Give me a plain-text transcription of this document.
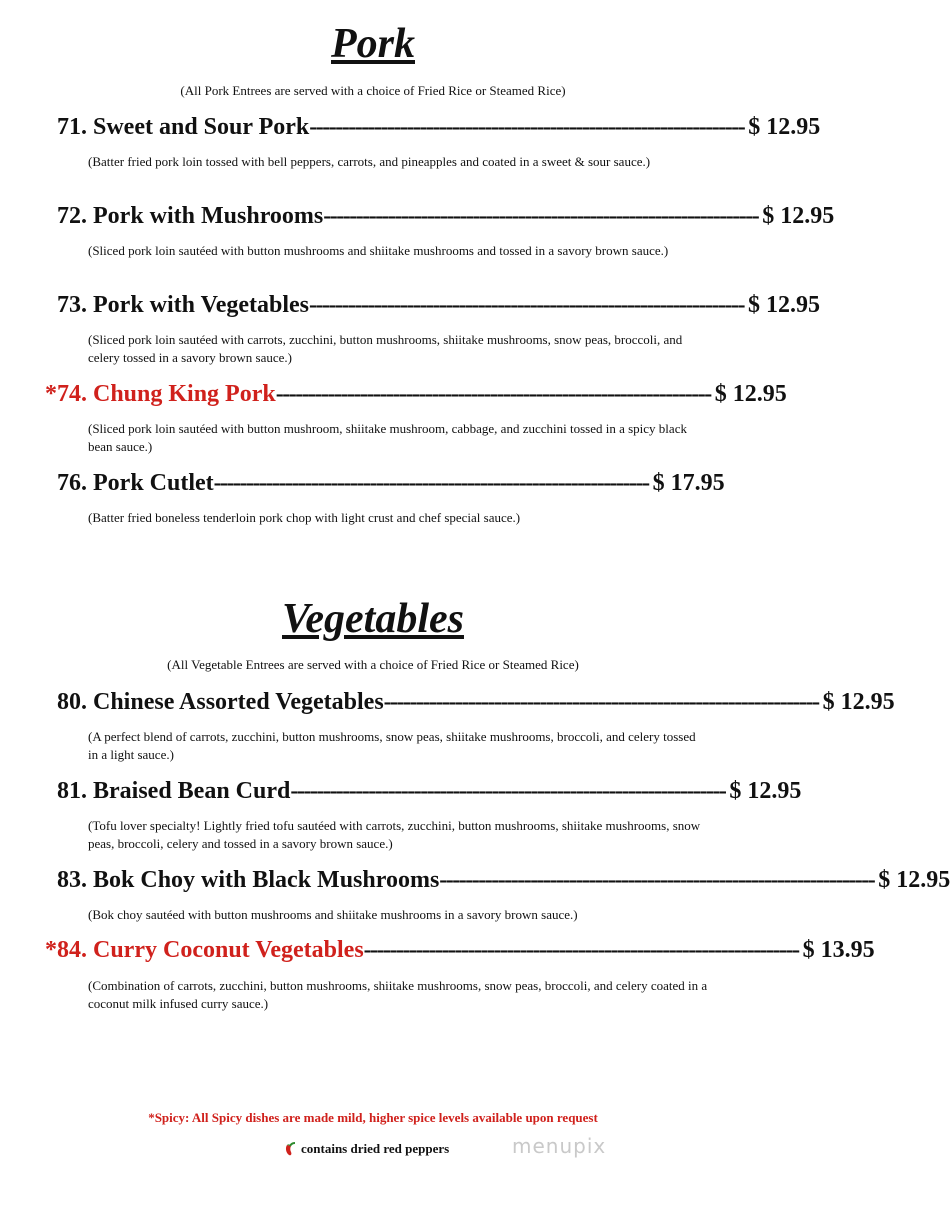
Pork

(All Pork Entrees are served with a choice of Fried Rice or Steamed Rice)

71. Sweet and Sour Pork ------------------------------------------------------------------- $ 12.95

(Batter fried pork loin tossed with bell peppers, carrots, and pineapples and coated in a sweet & sour sauce.)

72. Pork with Mushrooms ------------------------------------------------------------------- $ 12.95

(Sliced pork loin sautéed with button mushrooms and shiitake mushrooms and tossed in a savory brown sauce.)

73. Pork with Vegetables ------------------------------------------------------------------- $ 12.95

(Sliced pork loin sautéed with carrots, zucchini, button mushrooms, shiitake mushrooms, snow peas, broccoli, and celery tossed in a savory brown sauce.)

*74. Chung King Pork ------------------------------------------------------------------- $ 12.95

(Sliced pork loin sautéed with button mushroom, shiitake mushroom, cabbage, and zucchini tossed in a spicy black bean sauce.)

76. Pork Cutlet ------------------------------------------------------------------- $ 17.95

(Batter fried boneless tenderloin pork chop with light crust and chef special sauce.)

Vegetables

(All Vegetable Entrees are served with a choice of Fried Rice or Steamed Rice)

80. Chinese Assorted Vegetables ------------------------------------------------------------------- $ 12.95

(A perfect blend of carrots, zucchini, button mushrooms, snow peas, shiitake mushrooms, broccoli, and celery tossed in a light sauce.)

81. Braised Bean Curd ------------------------------------------------------------------- $ 12.95

(Tofu lover specialty! Lightly fried tofu sautéed with carrots, zucchini, button mushrooms, shiitake mushrooms, snow peas, broccoli, celery and tossed in a savory brown sauce.)

83. Bok Choy with Black Mushrooms ------------------------------------------------------------------- $ 12.95

(Bok choy sautéed with button mushrooms and shiitake mushrooms in a savory brown sauce.)

*84. Curry Coconut Vegetables ------------------------------------------------------------------- $ 13.95

(Combination of carrots, zucchini, button mushrooms, shiitake mushrooms, snow peas, broccoli, and celery coated in a coconut milk infused curry sauce.)

*Spicy: All Spicy dishes are made mild, higher spice levels available upon request

contains dried red peppers	menupix
